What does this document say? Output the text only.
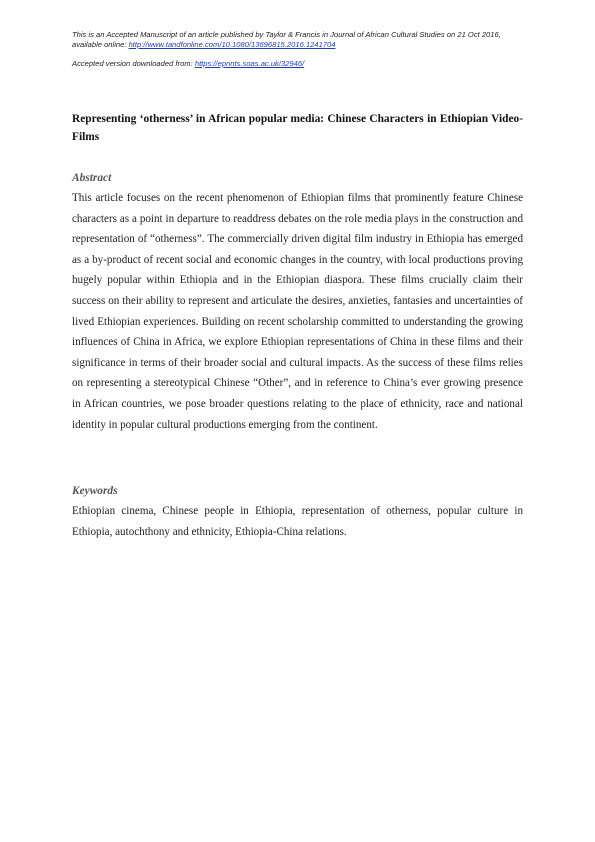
This is an Accepted Manuscript of an article published by Taylor & Francis in Journal of African Cultural Studies on 21 Oct 2016, available online: http://www.tandfonline.com/10.1080/13696815.2016.1241704
Accepted version downloaded from: https://eprints.soas.ac.uk/32946/
Representing ‘otherness’ in African popular media: Chinese Characters in Ethiopian Video-Films
Abstract

This article focuses on the recent phenomenon of Ethiopian films that prominently feature Chinese characters as a point in departure to readdress debates on the role media plays in the construction and representation of “otherness”. The commercially driven digital film industry in Ethiopia has emerged as a by-product of recent social and economic changes in the country, with local productions proving hugely popular within Ethiopia and in the Ethiopian diaspora. These films crucially claim their success on their ability to represent and articulate the desires, anxieties, fantasies and uncertainties of lived Ethiopian experiences. Building on recent scholarship committed to understanding the growing influences of China in Africa, we explore Ethiopian representations of China in these films and their significance in terms of their broader social and cultural impacts. As the success of these films relies on representing a stereotypical Chinese “Other”, and in reference to China’s ever growing presence in African countries, we pose broader questions relating to the place of ethnicity, race and national identity in popular cultural productions emerging from the continent.

Keywords

Ethiopian cinema, Chinese people in Ethiopia, representation of otherness, popular culture in Ethiopia, autochthony and ethnicity, Ethiopia-China relations.
